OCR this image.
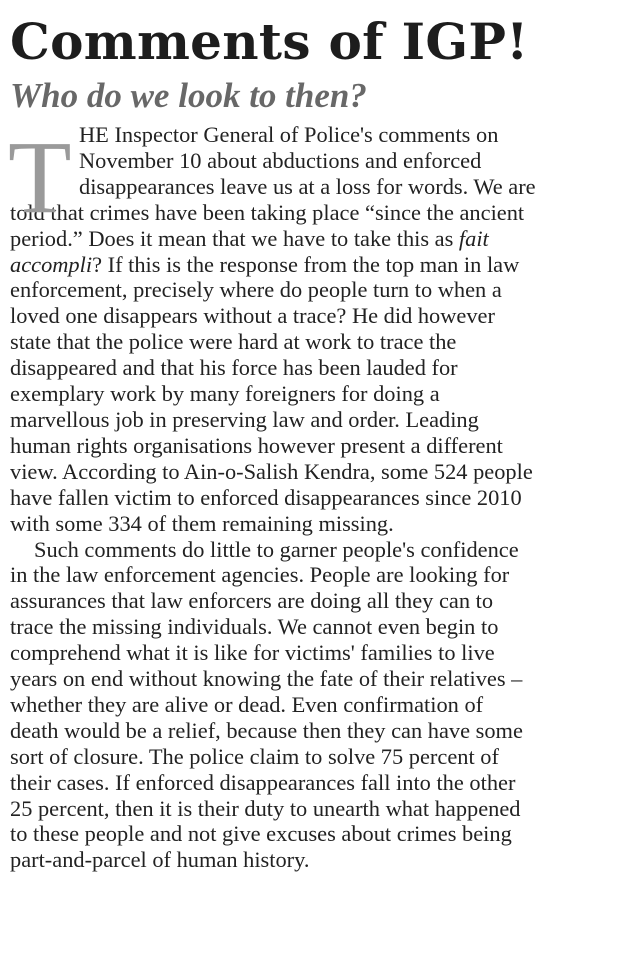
Comments of IGP!
Who do we look to then?
T HE Inspector General of Police's comments on
November 10 about abductions and enforced
disappearances leave us at a loss for words. We are
told that crimes have been taking place “since the ancient
period.” Does it mean that we have to take this as fait
accompli? If this is the response from the top man in law
enforcement, precisely where do people turn to when a
loved one disappears without a trace? He did however
state that the police were hard at work to trace the
disappeared and that his force has been lauded for
exemplary work by many foreigners for doing a
marvellous job in preserving law and order. Leading
human rights organisations however present a different
view. According to Ain-o-Salish Kendra, some 524 people
have fallen victim to enforced disappearances since 2010
with some 334 of them remaining missing.

Such comments do little to garner people's confidence
in the law enforcement agencies. People are looking for
assurances that law enforcers are doing all they can to
trace the missing individuals. We cannot even begin to
comprehend what it is like for victims' families to live
years on end without knowing the fate of their relatives –
whether they are alive or dead. Even confirmation of
death would be a relief, because then they can have some
sort of closure. The police claim to solve 75 percent of
their cases. If enforced disappearances fall into the other
25 percent, then it is their duty to unearth what happened
to these people and not give excuses about crimes being
part-and-parcel of human history.
